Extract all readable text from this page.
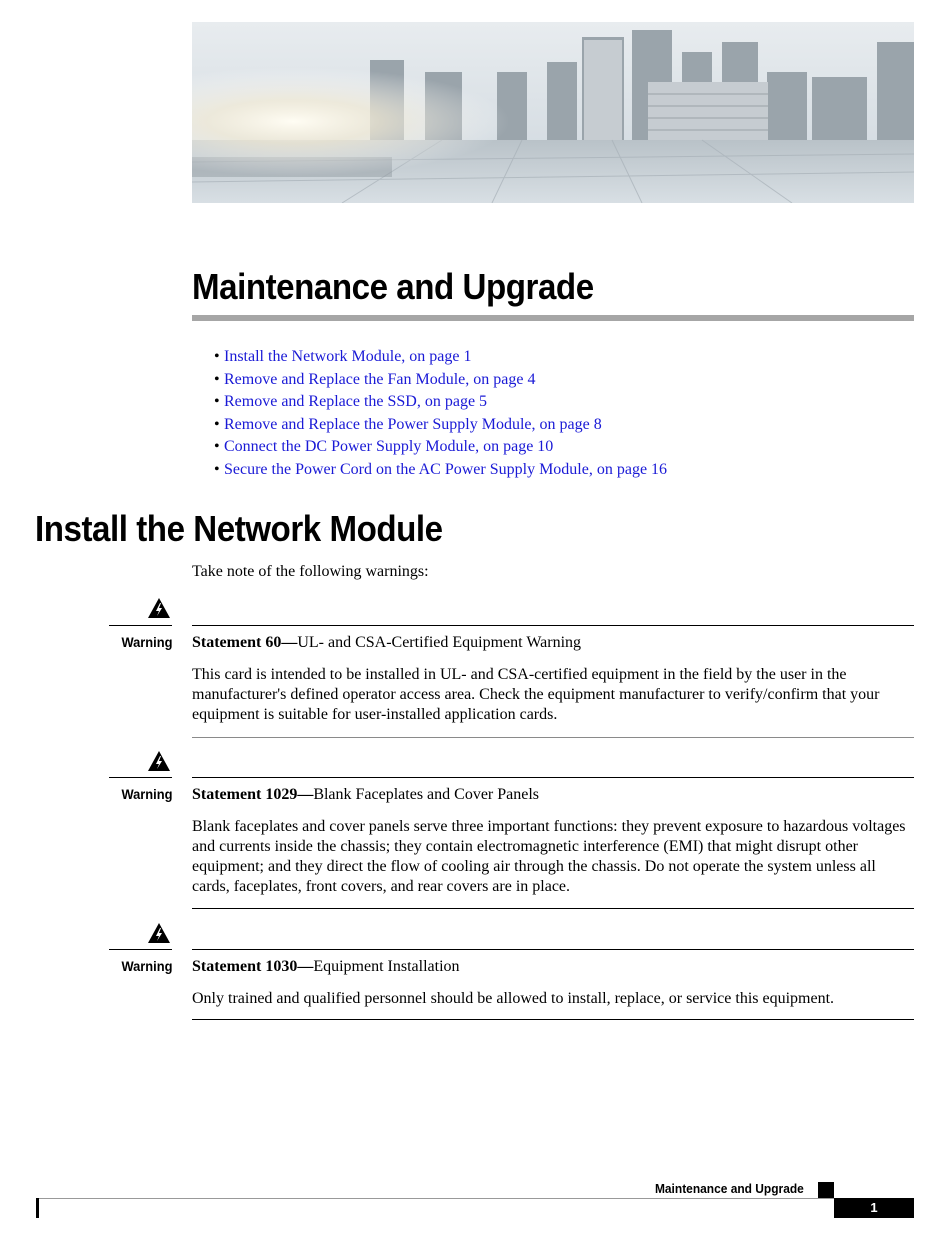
Maintenance and Upgrade
• Install the Network Module, on page 1
• Remove and Replace the Fan Module, on page 4
• Remove and Replace the SSD, on page 5
• Remove and Replace the Power Supply Module, on page 8
• Connect the DC Power Supply Module, on page 10
• Secure the Power Cord on the AC Power Supply Module, on page 16
Install the Network Module
Take note of the following warnings:
Warning Statement 60—UL- and CSA-Certified Equipment Warning
This card is intended to be installed in UL- and CSA-certified equipment in the field by the user in the manufacturer's defined operator access area. Check the equipment manufacturer to verify/confirm that your equipment is suitable for user-installed application cards.
Warning Statement 1029—Blank Faceplates and Cover Panels
Blank faceplates and cover panels serve three important functions: they prevent exposure to hazardous voltages and currents inside the chassis; they contain electromagnetic interference (EMI) that might disrupt other equipment; and they direct the flow of cooling air through the chassis. Do not operate the system unless all cards, faceplates, front covers, and rear covers are in place.
Warning Statement 1030—Equipment Installation
Only trained and qualified personnel should be allowed to install, replace, or service this equipment.
Maintenance and Upgrade
1
